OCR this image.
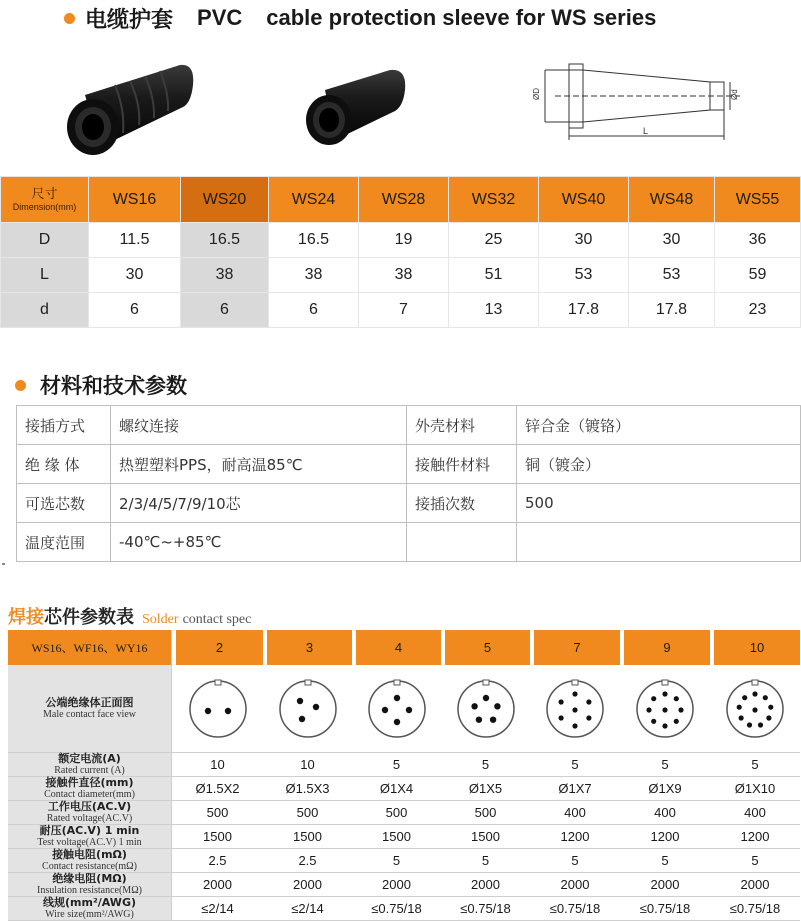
电缆护套 PVC cable protection sleeve for WS series
ØD	Ød
L
尺寸
Dimension(mm)	WS16	WS20	WS24	WS28	WS32	WS40	WS48	WS55
D	11.5	16.5	16.5	19	25	30	30	36
L	30	38	38	38	51	53	53	59
d	6	6	6	7	13	17.8	17.8	23
材料和技术参数
接插方式	螺纹连接	外壳材料	锌合金（镀铬）
绝 缘 体	热塑塑料PPS，耐高温85℃	接触件材料	铜（镀金）
可选芯数	2/3/4/5/7/9/10芯	接插次数	500
温度范围	-40℃~+85℃		
焊接 芯件参数表 Solder contact spec
WS16、WF16、WY16	2	3	4	5	7	9	10

公端绝缘体正面图
Male contact face view

额定电流(A)
Rated current (A)	10	10	5	5	5	5	5

接触件直径(mm)
Contact diameter(mm)	Ø1.5X2	Ø1.5X3	Ø1X4	Ø1X5	Ø1X7	Ø1X9	Ø1X10

工作电压(AC.V)
Rated voltage(AC.V)	500	500	500	500	400	400	400

耐压(AC.V) 1 min
Test voltage(AC.V) 1 min	1500	1500	1500	1500	1200	1200	1200

接触电阻(mΩ)
Contact resistance(mΩ)	2.5	2.5	5	5	5	5	5

绝缘电阻(MΩ)
Insulation resistance(MΩ)	2000	2000	2000	2000	2000	2000	2000

线规(mm²/AWG)
Wire size(mm²/AWG)	≤2/14	≤2/14	≤0.75/18	≤0.75/18	≤0.75/18	≤0.75/18	≤0.75/18
